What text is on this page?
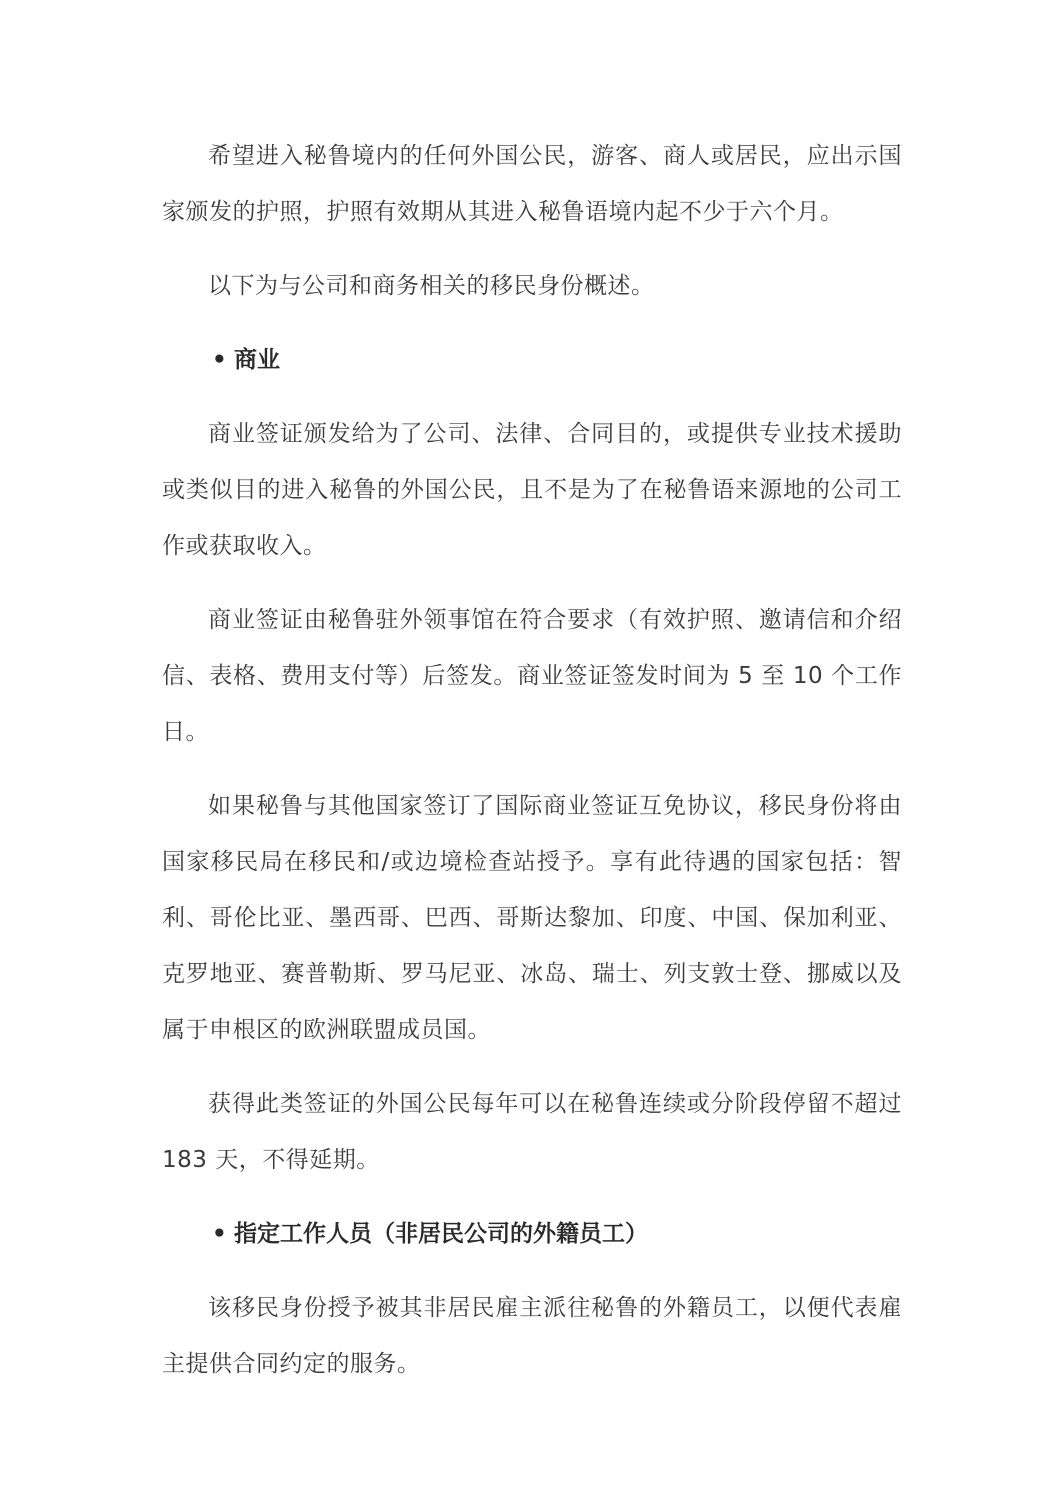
希望进入秘鲁境内的任何外国公民，游客、商人或居民，应出示国家颁发的护照，护照有效期从其进入秘鲁语境内起不少于六个月。

以下为与公司和商务相关的移民身份概述。

• 商业

商业签证颁发给为了公司、法律、合同目的，或提供专业技术援助或类似目的进入秘鲁的外国公民，且不是为了在秘鲁语来源地的公司工作或获取收入。

商业签证由秘鲁驻外领事馆在符合要求（有效护照、邀请信和介绍信、表格、费用支付等）后签发。商业签证签发时间为 5 至 10 个工作日。

如果秘鲁与其他国家签订了国际商业签证互免协议，移民身份将由国家移民局在移民和/或边境检查站授予。享有此待遇的国家包括：智利、哥伦比亚、墨西哥、巴西、哥斯达黎加、印度、中国、保加利亚、克罗地亚、赛普勒斯、罗马尼亚、冰岛、瑞士、列支敦士登、挪威以及属于申根区的欧洲联盟成员国。

获得此类签证的外国公民每年可以在秘鲁连续或分阶段停留不超过 183 天，不得延期。

• 指定工作人员（非居民公司的外籍员工）

该移民身份授予被其非居民雇主派往秘鲁的外籍员工，以便代表雇主提供合同约定的服务。
